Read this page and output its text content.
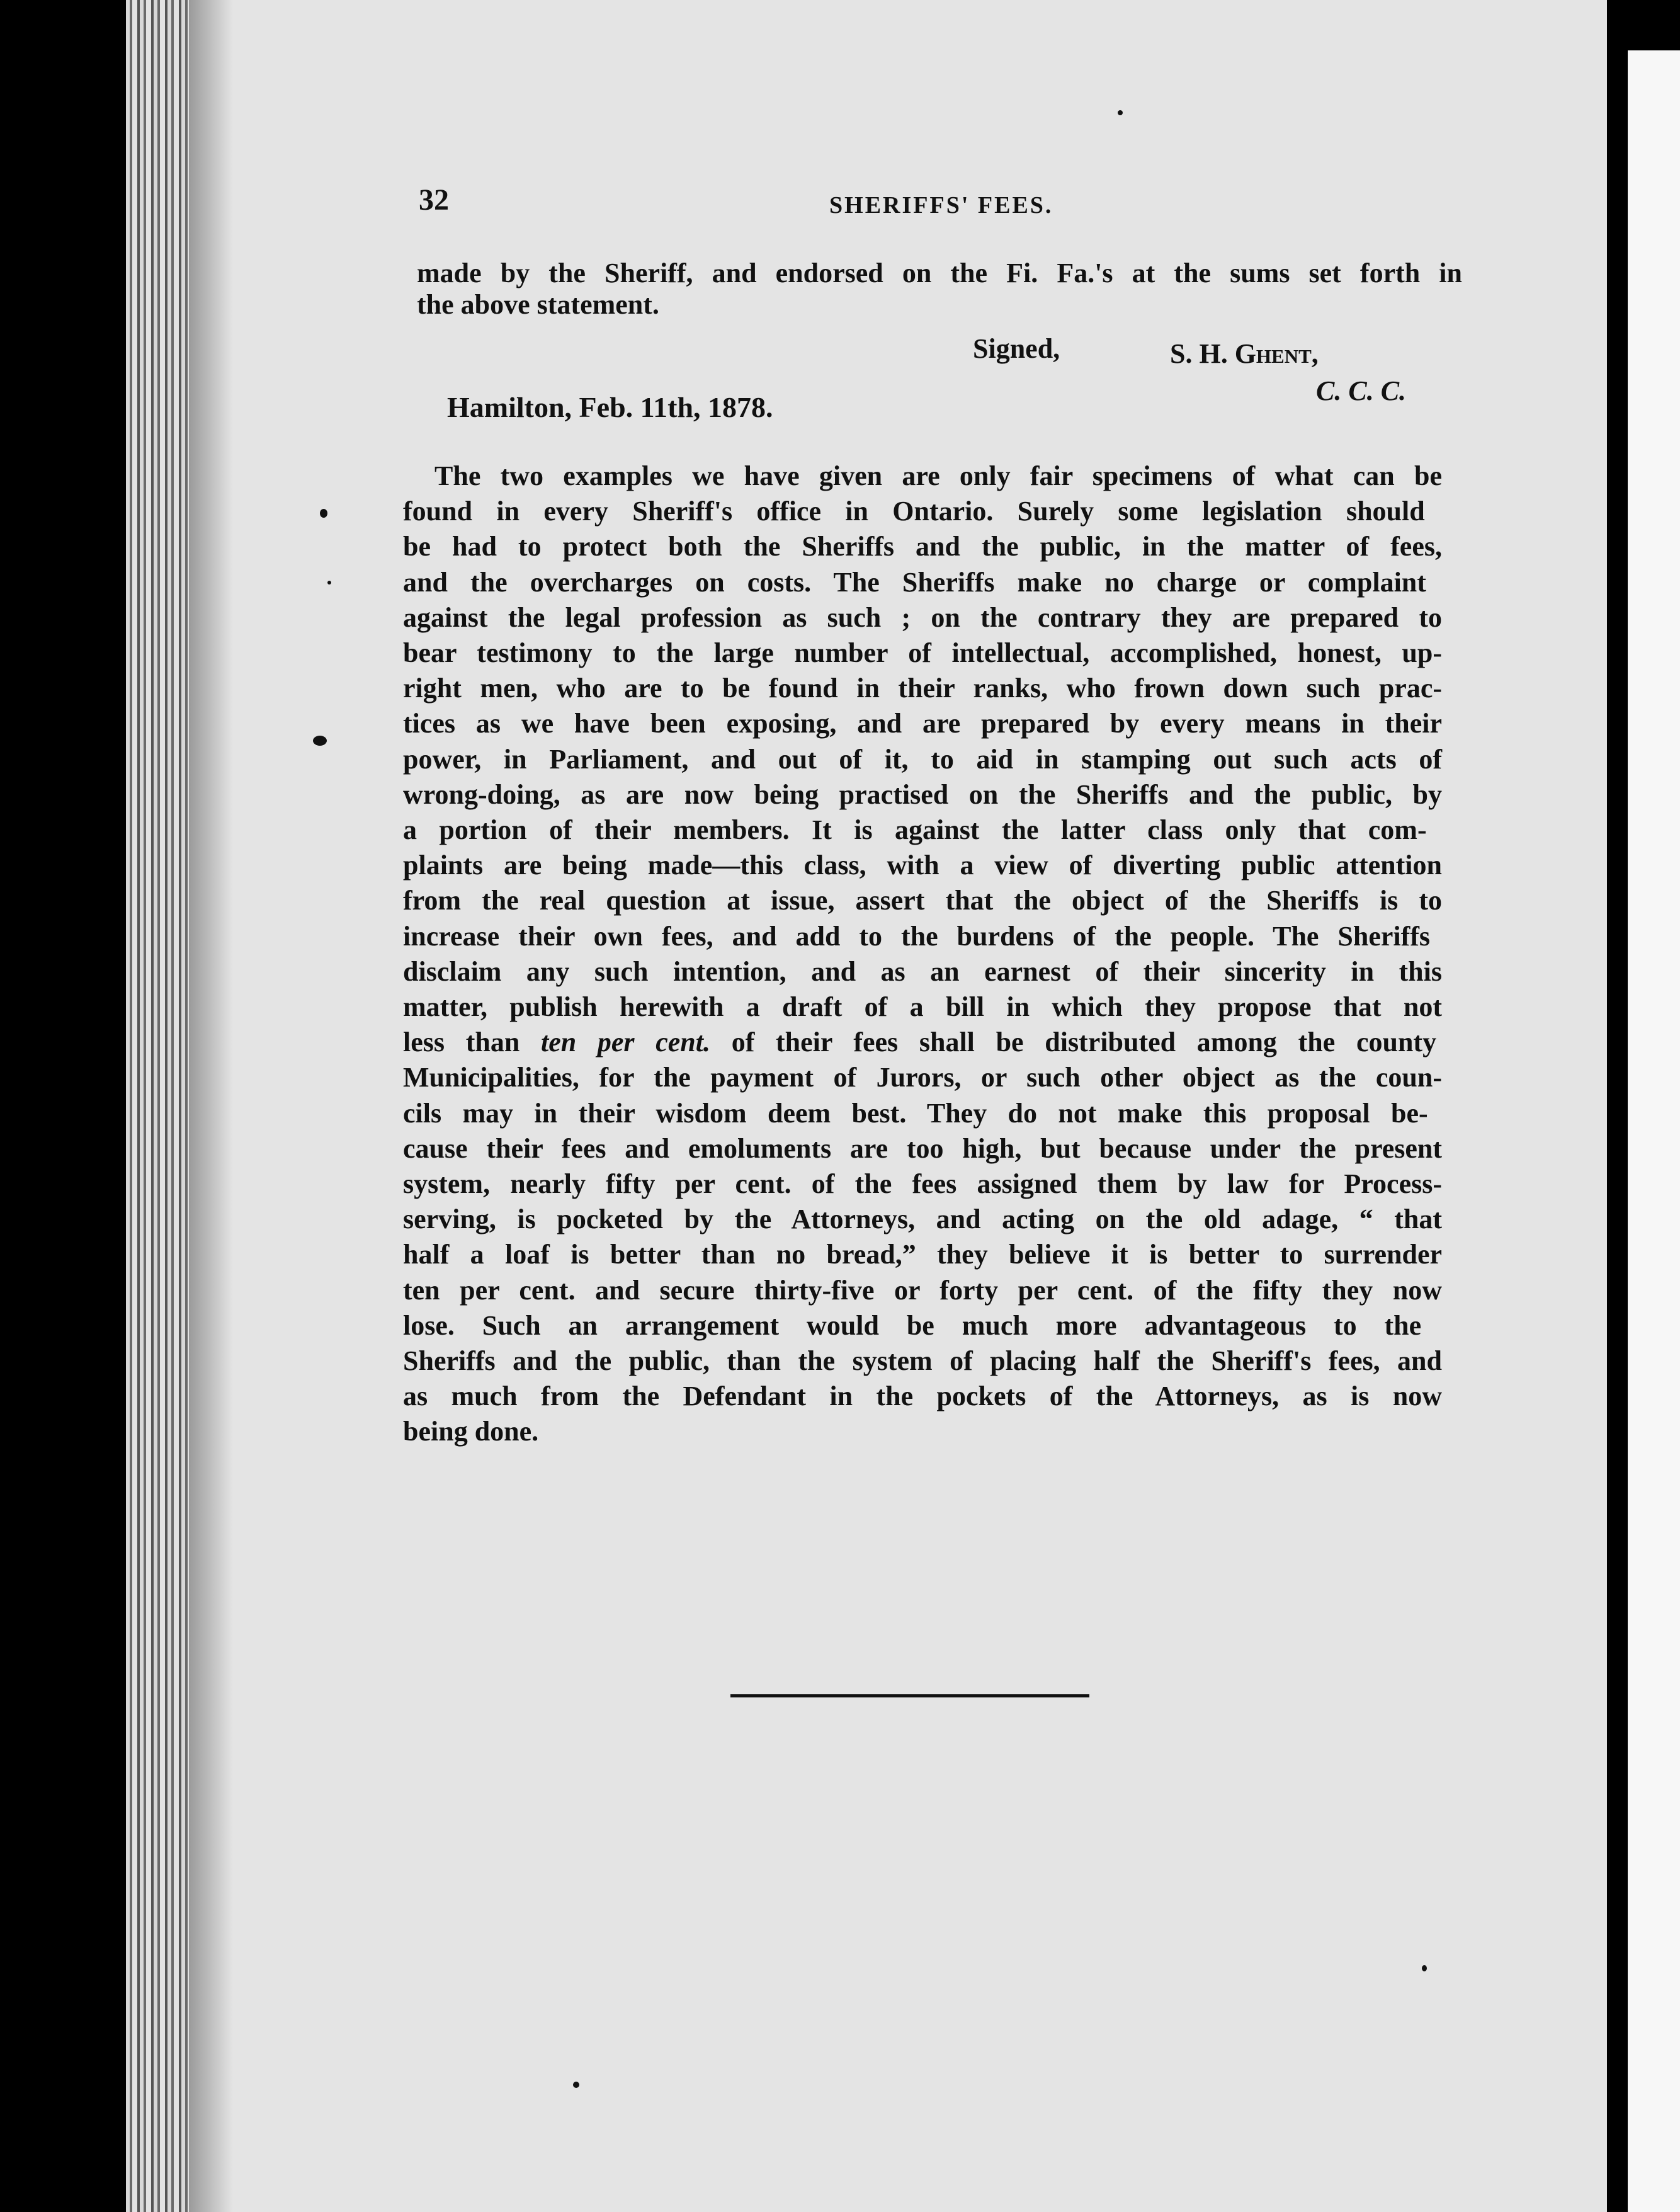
32	SHERIFFS' FEES.
made by the Sheriff, and endorsed on the Fi. Fa.'s at the sums set forth in
the above statement.
Signed,	S. H. Ghent,
C. C. C.
Hamilton, Feb. 11th, 1878.
The two examples we have given are only fair specimens of what can be
found in every Sheriff's office in Ontario. Surely some legislation should
be had to protect both the Sheriffs and the public, in the matter of fees,
and the overcharges on costs. The Sheriffs make no charge or complaint
against the legal profession as such ; on the contrary they are prepared to
bear testimony to the large number of intellectual, accomplished, honest, up-
right men, who are to be found in their ranks, who frown down such prac-
tices as we have been exposing, and are prepared by every means in their
power, in Parliament, and out of it, to aid in stamping out such acts of
wrong-doing, as are now being practised on the Sheriffs and the public, by
a portion of their members. It is against the latter class only that com-
plaints are being made—this class, with a view of diverting public attention
from the real question at issue, assert that the object of the Sheriffs is to
increase their own fees, and add to the burdens of the people. The Sheriffs
disclaim any such intention, and as an earnest of their sincerity in this
matter, publish herewith a draft of a bill in which they propose that not
less than ten per cent. of their fees shall be distributed among the county
Municipalities, for the payment of Jurors, or such other object as the coun-
cils may in their wisdom deem best. They do not make this proposal be-
cause their fees and emoluments are too high, but because under the present
system, nearly fifty per cent. of the fees assigned them by law for Process-
serving, is pocketed by the Attorneys, and acting on the old adage, “ that
half a loaf is better than no bread,” they believe it is better to surrender
ten per cent. and secure thirty-five or forty per cent. of the fifty they now
lose. Such an arrangement would be much more advantageous to the
Sheriffs and the public, than the system of placing half the Sheriff's fees, and
as much from the Defendant in the pockets of the Attorneys, as is now
being done.
